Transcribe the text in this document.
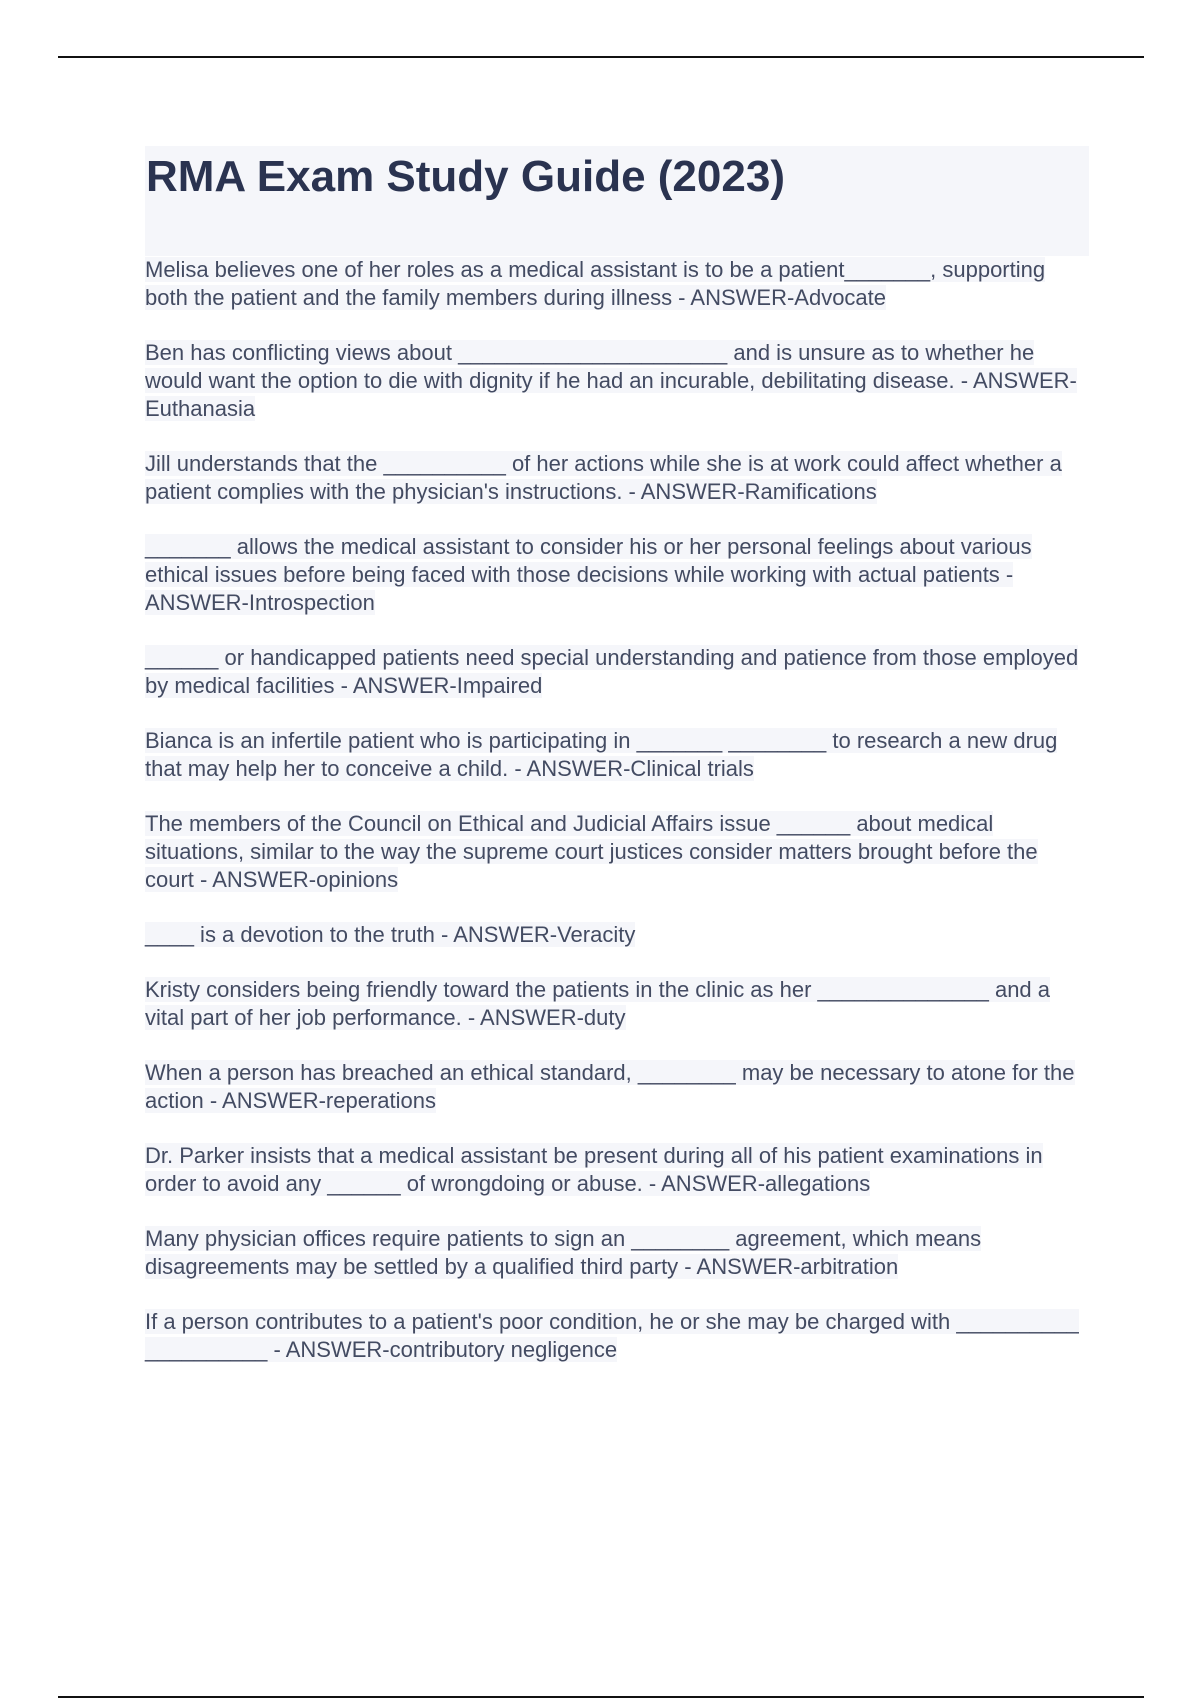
RMA Exam Study Guide (2023)

Melisa believes one of her roles as a medical assistant is to be a patient_______, supporting both the patient and the family members during illness - ANSWER-Advocate

Ben has conflicting views about ______________________ and is unsure as to whether he would want the option to die with dignity if he had an incurable, debilitating disease. - ANSWER-Euthanasia

Jill understands that the __________ of her actions while she is at work could affect whether a patient complies with the physician's instructions. - ANSWER-Ramifications

_______ allows the medical assistant to consider his or her personal feelings about various ethical issues before being faced with those decisions while working with actual patients - ANSWER-Introspection

______ or handicapped patients need special understanding and patience from those employed by medical facilities - ANSWER-Impaired

Bianca is an infertile patient who is participating in _______ ________ to research a new drug that may help her to conceive a child. - ANSWER-Clinical trials

The members of the Council on Ethical and Judicial Affairs issue ______ about medical situations, similar to the way the supreme court justices consider matters brought before the court - ANSWER-opinions

____ is a devotion to the truth - ANSWER-Veracity

Kristy considers being friendly toward the patients in the clinic as her ______________ and a vital part of her job performance. - ANSWER-duty

When a person has breached an ethical standard, ________ may be necessary to atone for the action - ANSWER-reperations

Dr. Parker insists that a medical assistant be present during all of his patient examinations in order to avoid any ______ of wrongdoing or abuse. - ANSWER-allegations

Many physician offices require patients to sign an ________ agreement, which means disagreements may be settled by a qualified third party - ANSWER-arbitration

If a person contributes to a patient's poor condition, he or she may be charged with __________ __________ - ANSWER-contributory negligence
